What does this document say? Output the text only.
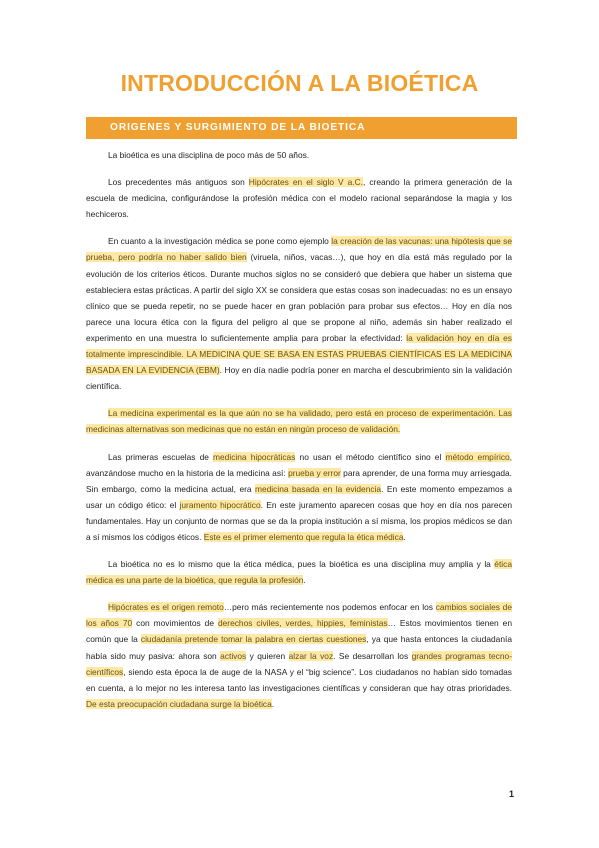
INTRODUCCIÓN A LA BIOÉTICA
ORIGENES Y SURGIMIENTO DE LA BIOETICA

La bioética es una disciplina de poco más de 50 años.

Los precedentes más antiguos son Hipócrates en el siglo V a.C., creando la primera generación de la escuela de medicina, configurándose la profesión médica con el modelo racional separándose la magia y los hechiceros.

En cuanto a la investigación médica se pone como ejemplo la creación de las vacunas: una hipótesis que se prueba, pero podría no haber salido bien (viruela, niños, vacas…), que hoy en día está más regulado por la evolución de los criterios éticos. Durante muchos siglos no se consideró que debiera que haber un sistema que estableciera estas prácticas. A partir del siglo XX se considera que estas cosas son inadecuadas: no es un ensayo clínico que se pueda repetir, no se puede hacer en gran población para probar sus efectos… Hoy en día nos parece una locura ética con la figura del peligro al que se propone al niño, además sin haber realizado el experimento en una muestra lo suficientemente amplia para probar la efectividad: la validación hoy en día es totalmente imprescindible. LA MEDICINA QUE SE BASA EN ESTAS PRUEBAS CIENTÍFICAS ES LA MEDICINA BASADA EN LA EVIDENCIA (EBM). Hoy en día nadie podría poner en marcha el descubrimiento sin la validación científica.

La medicina experimental es la que aún no se ha validado, pero está en proceso de experimentación. Las medicinas alternativas son medicinas que no están en ningún proceso de validación.

Las primeras escuelas de medicina hipocráticas no usan el método científico sino el método empírico, avanzándose mucho en la historia de la medicina así: prueba y error para aprender, de una forma muy arriesgada. Sin embargo, como la medicina actual, era medicina basada en la evidencia. En este momento empezamos a usar un código ético: el juramento hipocrático. En este juramento aparecen cosas que hoy en día nos parecen fundamentales. Hay un conjunto de normas que se da la propia institución a sí misma, los propios médicos se dan a sí mismos los códigos éticos. Este es el primer elemento que regula la ética médica.

La bioética no es lo mismo que la ética médica, pues la bioética es una disciplina muy amplia y la ética médica es una parte de la bioética, que regula la profesión.

Hipócrates es el origen remoto…pero más recientemente nos podemos enfocar en los cambios sociales de los años 70 con movimientos de derechos civiles, verdes, hippies, feministas… Estos movimientos tienen en común que la ciudadanía pretende tomar la palabra en ciertas cuestiones, ya que hasta entonces la ciudadanía había sido muy pasiva: ahora son activos y quieren alzar la voz. Se desarrollan los grandes programas tecno-científicos, siendo esta época la de auge de la NASA y el “big science”. Los ciudadanos no habían sido tomadas en cuenta, a lo mejor no les interesa tanto las investigaciones científicas y consideran que hay otras prioridades. De esta preocupación ciudadana surge la bioética.

1
